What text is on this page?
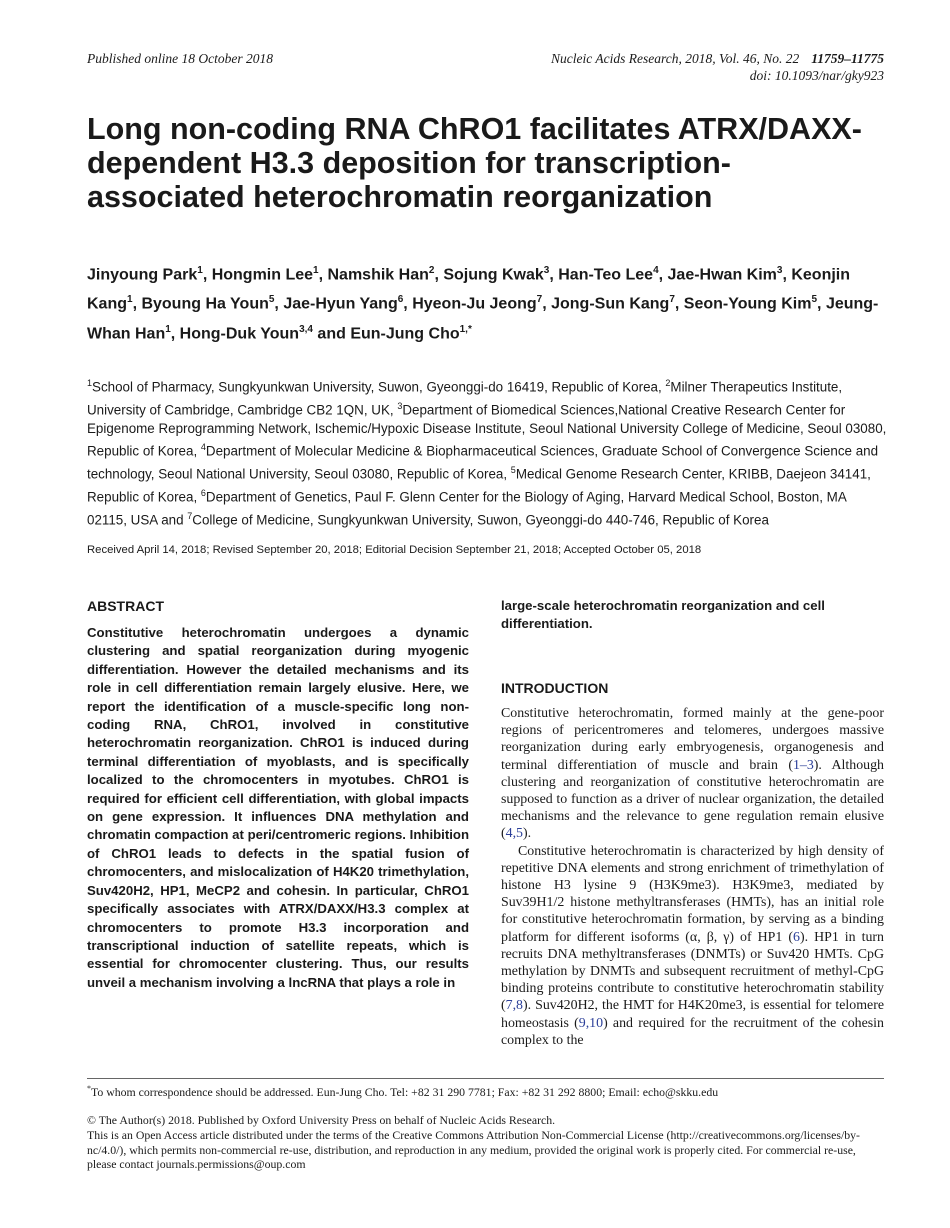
Published online 18 October 2018	Nucleic Acids Research, 2018, Vol. 46, No. 22 11759–11775
doi: 10.1093/nar/gky923
Long non-coding RNA ChRO1 facilitates ATRX/DAXX-dependent H3.3 deposition for transcription-associated heterochromatin reorganization

Jinyoung Park$^1$, Hongmin Lee$^1$, Namshik Han$^2$, Sojung Kwak$^3$, Han-Teo Lee$^4$, Jae-Hwan Kim$^3$, Keonjin Kang$^1$, Byoung Ha Youn$^5$, Jae-Hyun Yang$^6$, Hyeon-Ju Jeong$^7$, Jong-Sun Kang$^7$, Seon-Young Kim$^5$, Jeung-Whan Han$^1$, Hong-Duk Youn$^{3,4}$ and Eun-Jung Cho$^{1,*}$

$^1$School of Pharmacy, Sungkyunkwan University, Suwon, Gyeonggi-do 16419, Republic of Korea, $^2$Milner Therapeutics Institute, University of Cambridge, Cambridge CB2 1QN, UK, $^3$Department of Biomedical Sciences,National Creative Research Center for Epigenome Reprogramming Network, Ischemic/Hypoxic Disease Institute, Seoul National University College of Medicine, Seoul 03080, Republic of Korea, $^4$Department of Molecular Medicine & Biopharmaceutical Sciences, Graduate School of Convergence Science and technology, Seoul National University, Seoul 03080, Republic of Korea, $^5$Medical Genome Research Center, KRIBB, Daejeon 34141, Republic of Korea, $^6$Department of Genetics, Paul F. Glenn Center for the Biology of Aging, Harvard Medical School, Boston, MA 02115, USA and $^7$College of Medicine, Sungkyunkwan University, Suwon, Gyeonggi-do 440-746, Republic of Korea

Received April 14, 2018; Revised September 20, 2018; Editorial Decision September 21, 2018; Accepted October 05, 2018
ABSTRACT

Constitutive heterochromatin undergoes a dynamic clustering and spatial reorganization during myogenic differentiation. However the detailed mechanisms and its role in cell differentiation remain largely elusive. Here, we report the identification of a muscle-specific long non-coding RNA, ChRO1, involved in constitutive heterochromatin reorganization. ChRO1 is induced during terminal differentiation of myoblasts, and is specifically localized to the chromocenters in myotubes. ChRO1 is required for efficient cell differentiation, with global impacts on gene expression. It influences DNA methylation and chromatin compaction at peri/centromeric regions. Inhibition of ChRO1 leads to defects in the spatial fusion of chromocenters, and mislocalization of H4K20 trimethylation, Suv420H2, HP1, MeCP2 and cohesin. In particular, ChRO1 specifically associates with ATRX/DAXX/H3.3 complex at chromocenters to promote H3.3 incorporation and transcriptional induction of satellite repeats, which is essential for chromocenter clustering. Thus, our results unveil a mechanism involving a lncRNA that plays a role in

large-scale heterochromatin reorganization and cell differentiation.

INTRODUCTION

Constitutive heterochromatin, formed mainly at the gene-poor regions of pericentromeres and telomeres, undergoes massive reorganization during early embryogenesis, organogenesis and terminal differentiation of muscle and brain (1–3). Although clustering and reorganization of constitutive heterochromatin are supposed to function as a driver of nuclear organization, the detailed mechanisms and the relevance to gene regulation remain elusive (4,5).

Constitutive heterochromatin is characterized by high density of repetitive DNA elements and strong enrichment of trimethylation of histone H3 lysine 9 (H3K9me3). H3K9me3, mediated by Suv39H1/2 histone methyltransferases (HMTs), has an initial role for constitutive heterochromatin formation, by serving as a binding platform for different isoforms (α, β, γ) of HP1 (6). HP1 in turn recruits DNA methyltransferases (DNMTs) or Suv420 HMTs. CpG methylation by DNMTs and subsequent recruitment of methyl-CpG binding proteins contribute to constitutive heterochromatin stability (7,8). Suv420H2, the HMT for H4K20me3, is essential for telomere homeostasis (9,10) and required for the recruitment of the cohesin complex to the

*To whom correspondence should be addressed. Eun-Jung Cho. Tel: +82 31 290 7781; Fax: +82 31 292 8800; Email: echo@skku.edu
© The Author(s) 2018. Published by Oxford University Press on behalf of Nucleic Acids Research.
This is an Open Access article distributed under the terms of the Creative Commons Attribution Non-Commercial License (http://creativecommons.org/licenses/by-nc/4.0/), which permits non-commercial re-use, distribution, and reproduction in any medium, provided the original work is properly cited. For commercial re-use, please contact journals.permissions@oup.com
